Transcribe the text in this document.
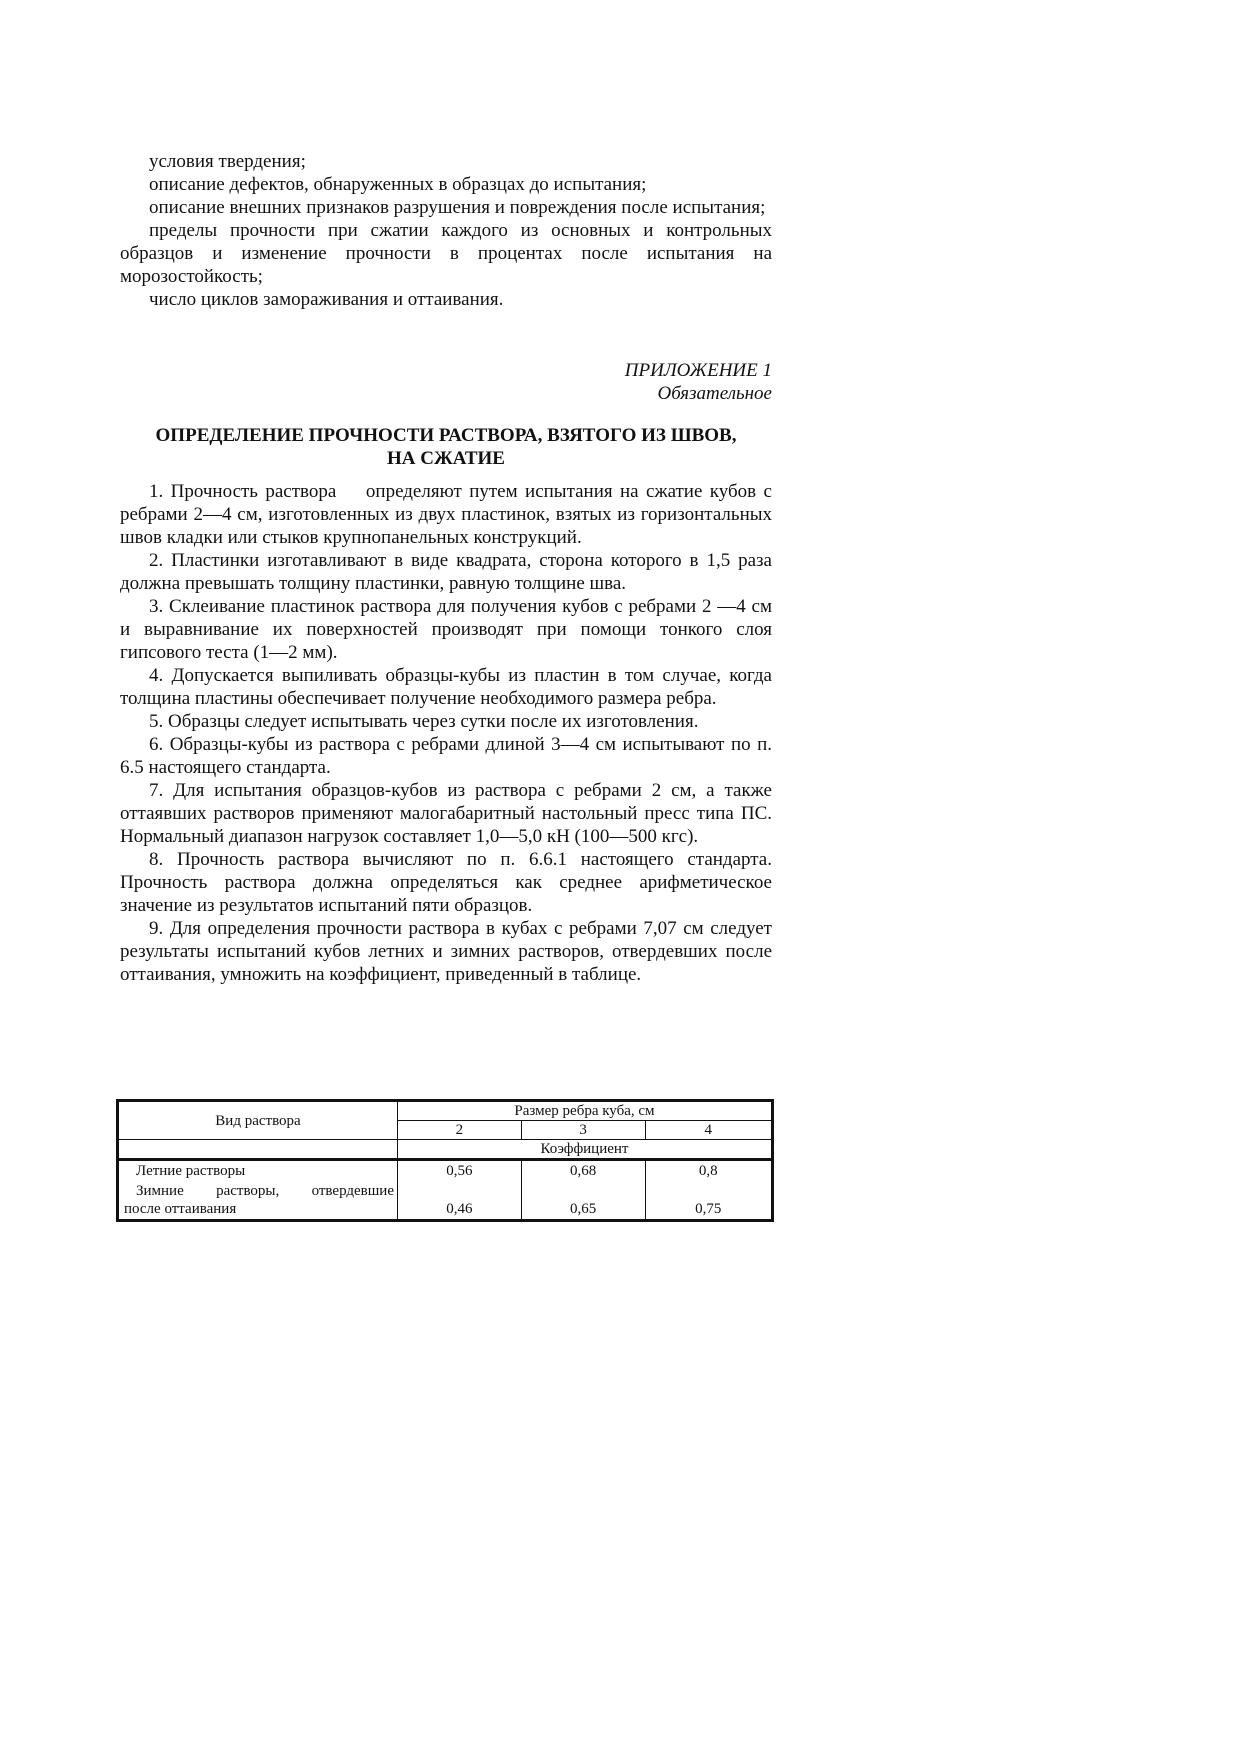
условия твердения;

описание дефектов, обнаруженных в образцах до испытания;

описание внешних признаков разрушения и повреждения после испытания;

пределы прочности при сжатии каждого из основных и контрольных образцов и изменение прочности в процентах после испытания на морозостойкость;

число циклов замораживания и оттаивания.

ПРИЛОЖЕНИЕ 1
Обязательное
ОПРЕДЕЛЕНИЕ ПРОЧНОСТИ РАСТВОРА, ВЗЯТОГО ИЗ ШВОВ,
НА СЖАТИЕ

1. Прочность раствора    определяют путем испытания на сжатие кубов с ребрами 2—4 см, изготовленных из двух пластинок, взятых из горизонтальных швов кладки или стыков крупнопанельных конструкций.

2. Пластинки изготавливают в виде квадрата, сторона которого в 1,5 раза должна превышать толщину пластинки, равную толщине шва.

3. Склеивание пластинок раствора для получения кубов с ребрами 2 —4 см и выравнивание их поверхностей производят при помощи тонкого слоя гипсового теста (1—2 мм).

4. Допускается выпиливать образцы-кубы из пластин в том случае, когда толщина пластины обеспечивает получение необходимого размера ребра.

5. Образцы следует испытывать через сутки после их изготовления.

6. Образцы-кубы из раствора с ребрами длиной 3—4 см испытывают по п. 6.5 настоящего стандарта.

7. Для испытания образцов-кубов из раствора с ребрами 2 см, а также оттаявших растворов применяют малогабаритный настольный пресс типа ПС. Нормальный диапазон нагрузок составляет 1,0—5,0 кН (100—500 кгс).

8. Прочность раствора вычисляют по п. 6.6.1 настоящего стандарта. Прочность раствора должна определяться как среднее арифметическое значение из результатов испытаний пяти образцов.

9. Для определения прочности раствора в кубах с ребрами 7,07 см следует результаты испытаний кубов летних и зимних растворов, отвердевших после оттаивания, умножить на коэффициент, приведенный в таблице.

Вид раствора	Размер ребра куба, см		
	2	3	4
	Коэффициент		

Летние растворы	0,56	0,68	0,8

Зимние растворы, отвердевшие
после оттаивания	0,46	0,65	0,75
